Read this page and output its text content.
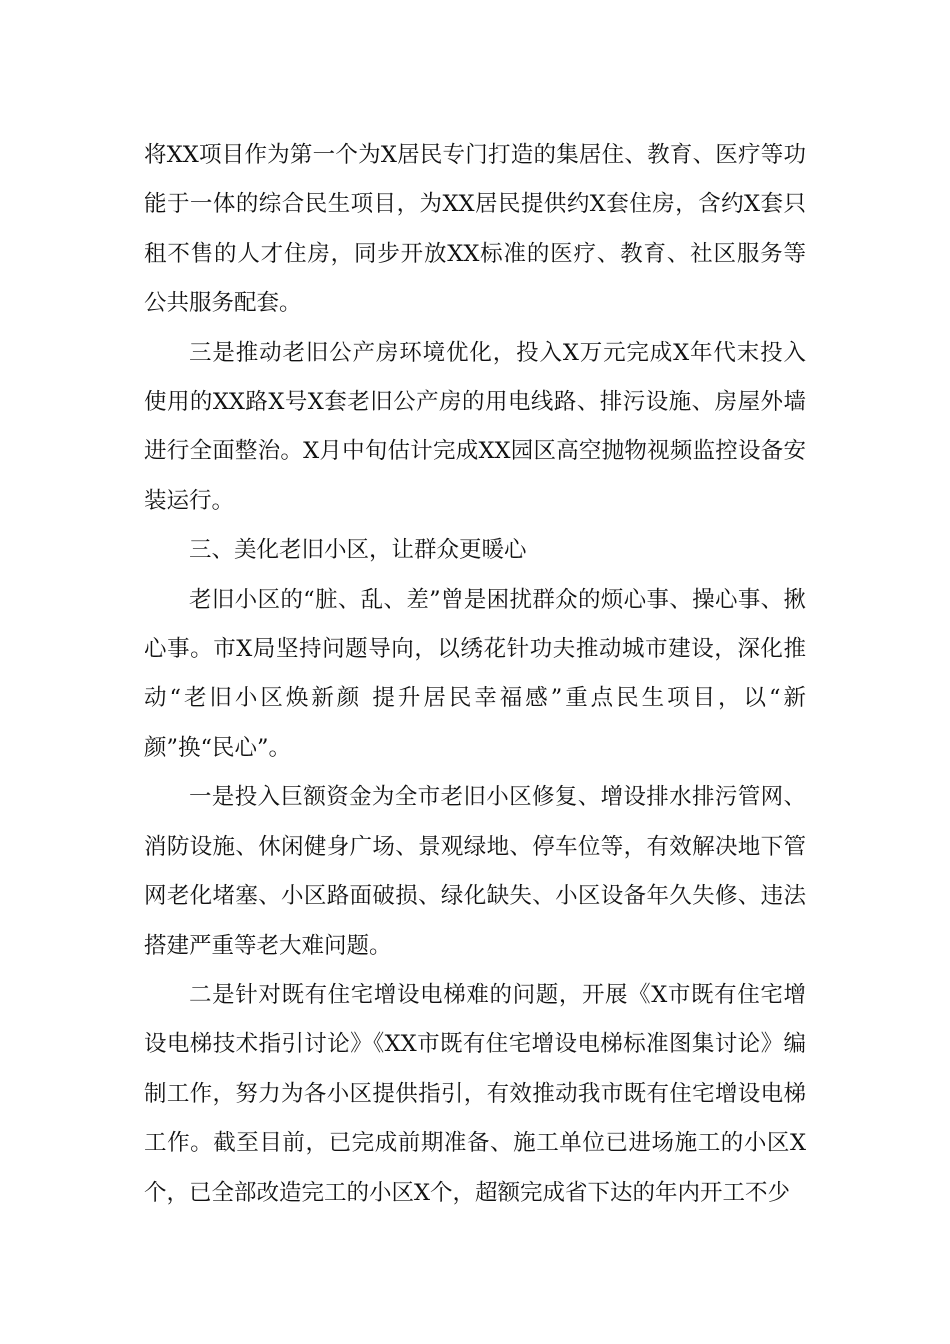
将XX项目作为第一个为X居民专门打造的集居住、教育、医疗等功能于一体的综合民生项目，为XX居民提供约X套住房，含约X套只租不售的人才住房，同步开放XX标准的医疗、教育、社区服务等公共服务配套。

三是推动老旧公产房环境优化，投入X万元完成X年代末投入使用的XX路X号X套老旧公产房的用电线路、排污设施、房屋外墙进行全面整治。X月中旬估计完成XX园区高空抛物视频监控设备安装运行。

三、美化老旧小区，让群众更暖心

老旧小区的“脏、乱、差”曾是困扰群众的烦心事、操心事、揪心事。市X局坚持问题导向，以绣花针功夫推动城市建设，深化推动“老旧小区焕新颜 提升居民幸福感”重点民生项目，以“新颜”换“民心”。

一是投入巨额资金为全市老旧小区修复、增设排水排污管网、消防设施、休闲健身广场、景观绿地、停车位等，有效解决地下管网老化堵塞、小区路面破损、绿化缺失、小区设备年久失修、违法搭建严重等老大难问题。

二是针对既有住宅增设电梯难的问题，开展《X市既有住宅增设电梯技术指引讨论》《XX市既有住宅增设电梯标准图集讨论》编制工作，努力为各小区提供指引，有效推动我市既有住宅增设电梯工作。截至目前，已完成前期准备、施工单位已进场施工的小区X个，已全部改造完工的小区X个，超额完成省下达的年内开工不少
